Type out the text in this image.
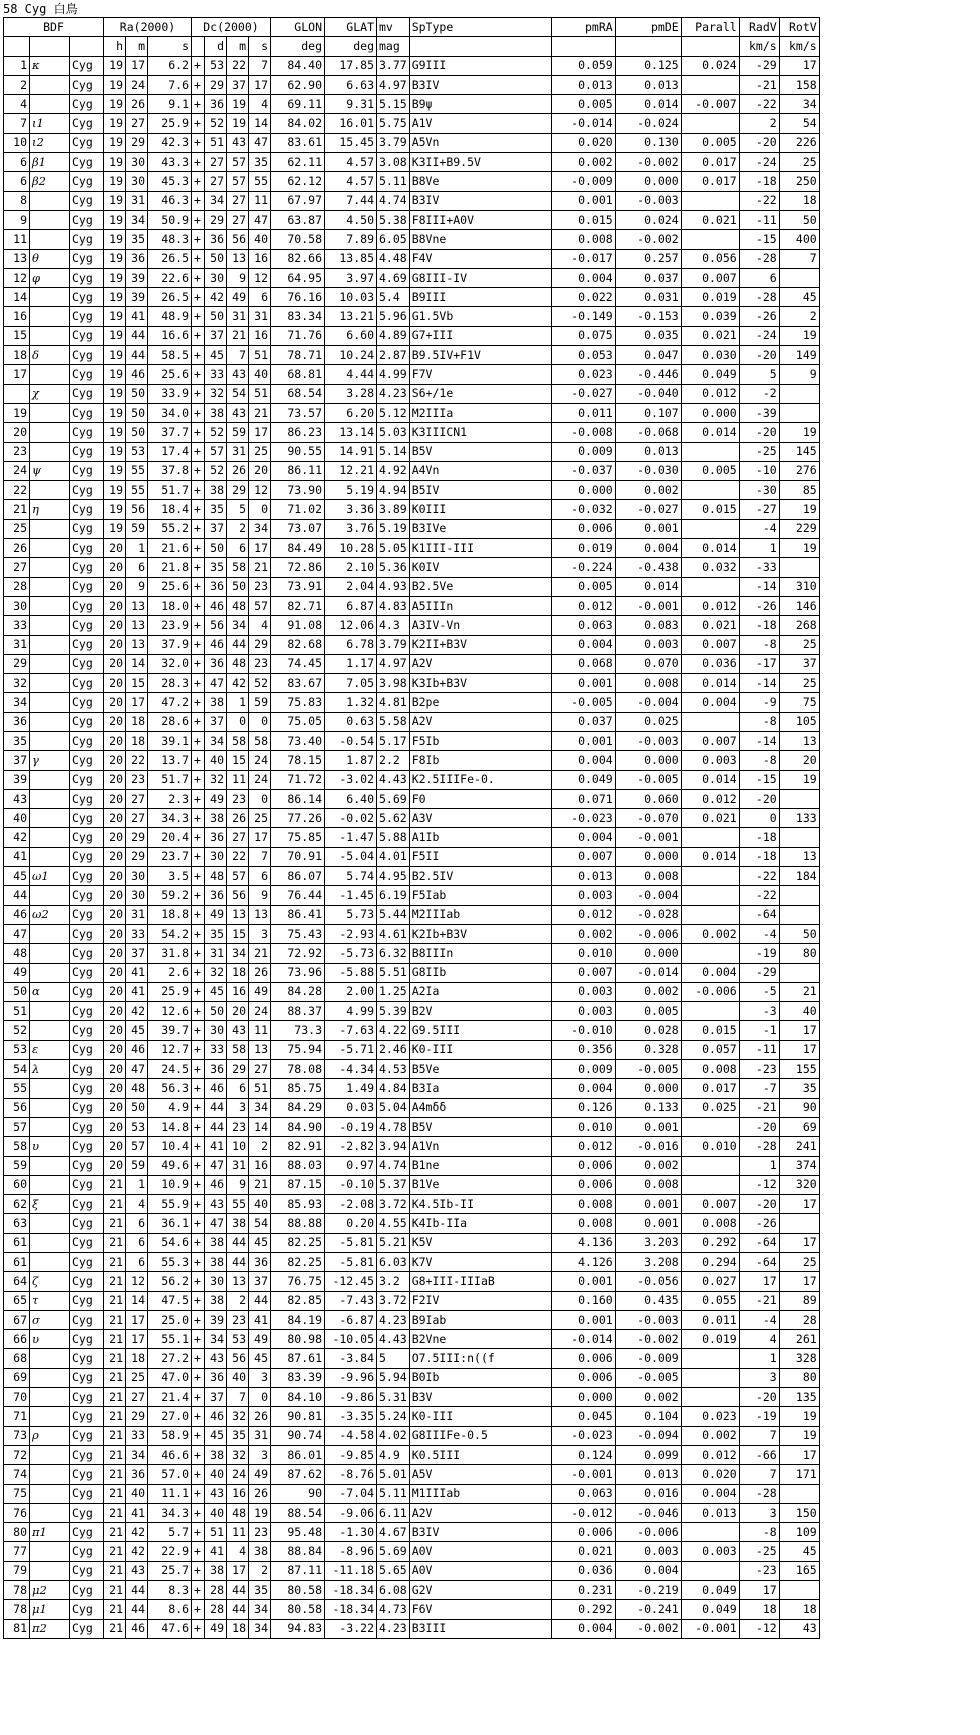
58 Cyg 白鳥
BDF			Ra(2000)			Dc(2000)				GLON	GLAT	mv	SpType	pmRA	pmDE	Parall	RadV	RotV
			h	m	s		d	m	s	deg	deg	mag					km/s	km/s
1	κ	Cyg	19	17	6.2	+	53	22	7	84.40	17.85	3.77	G9III	0.059	0.125	0.024	-29	17
2		Cyg	19	24	7.6	+	29	37	17	62.90	6.63	4.97	B3IV	0.013	0.013		-21	158
4		Cyg	19	26	9.1	+	36	19	4	69.11	9.31	5.15	B9ψ	0.005	0.014	-0.007	-22	34
7	ι1	Cyg	19	27	25.9	+	52	19	14	84.02	16.01	5.75	A1V	-0.014	-0.024		2	54
10	ι2	Cyg	19	29	42.3	+	51	43	47	83.61	15.45	3.79	A5Vn	0.020	0.130	0.005	-20	226
6	β1	Cyg	19	30	43.3	+	27	57	35	62.11	4.57	3.08	K3II+B9.5V	0.002	-0.002	0.017	-24	25
6	β2	Cyg	19	30	45.3	+	27	57	55	62.12	4.57	5.11	B8Ve	-0.009	0.000	0.017	-18	250
8		Cyg	19	31	46.3	+	34	27	11	67.97	7.44	4.74	B3IV	0.001	-0.003		-22	18
9		Cyg	19	34	50.9	+	29	27	47	63.87	4.50	5.38	F8III+A0V	0.015	0.024	0.021	-11	50
11		Cyg	19	35	48.3	+	36	56	40	70.58	7.89	6.05	B8Vne	0.008	-0.002		-15	400
13	θ	Cyg	19	36	26.5	+	50	13	16	82.66	13.85	4.48	F4V	-0.017	0.257	0.056	-28	7
12	φ	Cyg	19	39	22.6	+	30	9	12	64.95	3.97	4.69	G8III-IV	0.004	0.037	0.007	6	
14		Cyg	19	39	26.5	+	42	49	6	76.16	10.03	5.4	B9III	0.022	0.031	0.019	-28	45
16		Cyg	19	41	48.9	+	50	31	31	83.34	13.21	5.96	G1.5Vb	-0.149	-0.153	0.039	-26	2
15		Cyg	19	44	16.6	+	37	21	16	71.76	6.60	4.89	G7+III	0.075	0.035	0.021	-24	19
18	δ	Cyg	19	44	58.5	+	45	7	51	78.71	10.24	2.87	B9.5IV+F1V	0.053	0.047	0.030	-20	149
17		Cyg	19	46	25.6	+	33	43	40	68.81	4.44	4.99	F7V	0.023	-0.446	0.049	5	9
	χ	Cyg	19	50	33.9	+	32	54	51	68.54	3.28	4.23	S6+/1e	-0.027	-0.040	0.012	-2	
19		Cyg	19	50	34.0	+	38	43	21	73.57	6.20	5.12	M2IIIa	0.011	0.107	0.000	-39	
20		Cyg	19	50	37.7	+	52	59	17	86.23	13.14	5.03	K3IIICN1	-0.008	-0.068	0.014	-20	19
23		Cyg	19	53	17.4	+	57	31	25	90.55	14.91	5.14	B5V	0.009	0.013		-25	145
24	ψ	Cyg	19	55	37.8	+	52	26	20	86.11	12.21	4.92	A4Vn	-0.037	-0.030	0.005	-10	276
22		Cyg	19	55	51.7	+	38	29	12	73.90	5.19	4.94	B5IV	0.000	0.002		-30	85
21	η	Cyg	19	56	18.4	+	35	5	0	71.02	3.36	3.89	K0III	-0.032	-0.027	0.015	-27	19
25		Cyg	19	59	55.2	+	37	2	34	73.07	3.76	5.19	B3IVe	0.006	0.001		-4	229
26		Cyg	20	1	21.6	+	50	6	17	84.49	10.28	5.05	K1III-III	0.019	0.004	0.014	1	19
27		Cyg	20	6	21.8	+	35	58	21	72.86	2.10	5.36	K0IV	-0.224	-0.438	0.032	-33	
28		Cyg	20	9	25.6	+	36	50	23	73.91	2.04	4.93	B2.5Ve	0.005	0.014		-14	310
30		Cyg	20	13	18.0	+	46	48	57	82.71	6.87	4.83	A5IIIn	0.012	-0.001	0.012	-26	146
33		Cyg	20	13	23.9	+	56	34	4	91.08	12.06	4.3	A3IV-Vn	0.063	0.083	0.021	-18	268
31		Cyg	20	13	37.9	+	46	44	29	82.68	6.78	3.79	K2II+B3V	0.004	0.003	0.007	-8	25
29		Cyg	20	14	32.0	+	36	48	23	74.45	1.17	4.97	A2V	0.068	0.070	0.036	-17	37
32		Cyg	20	15	28.3	+	47	42	52	83.67	7.05	3.98	K3Ib+B3V	0.001	0.008	0.014	-14	25
34		Cyg	20	17	47.2	+	38	1	59	75.83	1.32	4.81	B2pe	-0.005	-0.004	0.004	-9	75
36		Cyg	20	18	28.6	+	37	0	0	75.05	0.63	5.58	A2V	0.037	0.025		-8	105
35		Cyg	20	18	39.1	+	34	58	58	73.40	-0.54	5.17	F5Ib	0.001	-0.003	0.007	-14	13
37	γ	Cyg	20	22	13.7	+	40	15	24	78.15	1.87	2.2	F8Ib	0.004	0.000	0.003	-8	20
39		Cyg	20	23	51.7	+	32	11	24	71.72	-3.02	4.43	K2.5IIIFe-0.	0.049	-0.005	0.014	-15	19
43		Cyg	20	27	2.3	+	49	23	0	86.14	6.40	5.69	F0	0.071	0.060	0.012	-20	
40		Cyg	20	27	34.3	+	38	26	25	77.26	-0.02	5.62	A3V	-0.023	-0.070	0.021	0	133
42		Cyg	20	29	20.4	+	36	27	17	75.85	-1.47	5.88	A1Ib	0.004	-0.001		-18	
41		Cyg	20	29	23.7	+	30	22	7	70.91	-5.04	4.01	F5II	0.007	0.000	0.014	-18	13
45	ω1	Cyg	20	30	3.5	+	48	57	6	86.07	5.74	4.95	B2.5IV	0.013	0.008		-22	184
44		Cyg	20	30	59.2	+	36	56	9	76.44	-1.45	6.19	F5Iab	0.003	-0.004		-22	
46	ω2	Cyg	20	31	18.8	+	49	13	13	86.41	5.73	5.44	M2IIIab	0.012	-0.028		-64	
47		Cyg	20	33	54.2	+	35	15	3	75.43	-2.93	4.61	K2Ib+B3V	0.002	-0.006	0.002	-4	50
48		Cyg	20	37	31.8	+	31	34	21	72.92	-5.73	6.32	B8IIIn	0.010	0.000		-19	80
49		Cyg	20	41	2.6	+	32	18	26	73.96	-5.88	5.51	G8IIb	0.007	-0.014	0.004	-29	
50	α	Cyg	20	41	25.9	+	45	16	49	84.28	2.00	1.25	A2Ia	0.003	0.002	-0.006	-5	21
51		Cyg	20	42	12.6	+	50	20	24	88.37	4.99	5.39	B2V	0.003	0.005		-3	40
52		Cyg	20	45	39.7	+	30	43	11	73.3	-7.63	4.22	G9.5III	-0.010	0.028	0.015	-1	17
53	ε	Cyg	20	46	12.7	+	33	58	13	75.94	-5.71	2.46	K0-III	0.356	0.328	0.057	-11	17
54	λ	Cyg	20	47	24.5	+	36	29	27	78.08	-4.34	4.53	B5Ve	0.009	-0.005	0.008	-23	155
55		Cyg	20	48	56.3	+	46	6	51	85.75	1.49	4.84	B3Ia	0.004	0.000	0.017	-7	35
56		Cyg	20	50	4.9	+	44	3	34	84.29	0.03	5.04	A4mδδ	0.126	0.133	0.025	-21	90
57		Cyg	20	53	14.8	+	44	23	14	84.90	-0.19	4.78	B5V	0.010	0.001		-20	69
58	υ	Cyg	20	57	10.4	+	41	10	2	82.91	-2.82	3.94	A1Vn	0.012	-0.016	0.010	-28	241
59		Cyg	20	59	49.6	+	47	31	16	88.03	0.97	4.74	B1ne	0.006	0.002		1	374
60		Cyg	21	1	10.9	+	46	9	21	87.15	-0.10	5.37	B1Ve	0.006	0.008		-12	320
62	ξ	Cyg	21	4	55.9	+	43	55	40	85.93	-2.08	3.72	K4.5Ib-II	0.008	0.001	0.007	-20	17
63		Cyg	21	6	36.1	+	47	38	54	88.88	0.20	4.55	K4Ib-IIa	0.008	0.001	0.008	-26	
61		Cyg	21	6	54.6	+	38	44	45	82.25	-5.81	5.21	K5V	4.136	3.203	0.292	-64	17
61		Cyg	21	6	55.3	+	38	44	36	82.25	-5.81	6.03	K7V	4.126	3.208	0.294	-64	25
64	ζ	Cyg	21	12	56.2	+	30	13	37	76.75	-12.45	3.2	G8+III-IIIaB	0.001	-0.056	0.027	17	17
65	τ	Cyg	21	14	47.5	+	38	2	44	82.85	-7.43	3.72	F2IV	0.160	0.435	0.055	-21	89
67	σ	Cyg	21	17	25.0	+	39	23	41	84.19	-6.87	4.23	B9Iab	0.001	-0.003	0.011	-4	28
66	υ	Cyg	21	17	55.1	+	34	53	49	80.98	-10.05	4.43	B2Vne	-0.014	-0.002	0.019	4	261
68		Cyg	21	18	27.2	+	43	56	45	87.61	-3.84	5	O7.5III:n((f	0.006	-0.009		1	328
69		Cyg	21	25	47.0	+	36	40	3	83.39	-9.96	5.94	B0Ib	0.006	-0.005		3	80
70		Cyg	21	27	21.4	+	37	7	0	84.10	-9.86	5.31	B3V	0.000	0.002		-20	135
71		Cyg	21	29	27.0	+	46	32	26	90.81	-3.35	5.24	K0-III	0.045	0.104	0.023	-19	19
73	ρ	Cyg	21	33	58.9	+	45	35	31	90.74	-4.58	4.02	G8IIIFe-0.5	-0.023	-0.094	0.002	7	19
72		Cyg	21	34	46.6	+	38	32	3	86.01	-9.85	4.9	K0.5III	0.124	0.099	0.012	-66	17
74		Cyg	21	36	57.0	+	40	24	49	87.62	-8.76	5.01	A5V	-0.001	0.013	0.020	7	171
75		Cyg	21	40	11.1	+	43	16	26	90	-7.04	5.11	M1IIIab	0.063	0.016	0.004	-28	
76		Cyg	21	41	34.3	+	40	48	19	88.54	-9.06	6.11	A2V	-0.012	-0.046	0.013	3	150
80	π1	Cyg	21	42	5.7	+	51	11	23	95.48	-1.30	4.67	B3IV	0.006	-0.006		-8	109
77		Cyg	21	42	22.9	+	41	4	38	88.84	-8.96	5.69	A0V	0.021	0.003	0.003	-25	45
79		Cyg	21	43	25.7	+	38	17	2	87.11	-11.18	5.65	A0V	0.036	0.004		-23	165
78	μ2	Cyg	21	44	8.3	+	28	44	35	80.58	-18.34	6.08	G2V	0.231	-0.219	0.049	17	
78	μ1	Cyg	21	44	8.6	+	28	44	34	80.58	-18.34	4.73	F6V	0.292	-0.241	0.049	18	18
81	π2	Cyg	21	46	47.6	+	49	18	34	94.83	-3.22	4.23	B3III	0.004	-0.002	-0.001	-12	43
